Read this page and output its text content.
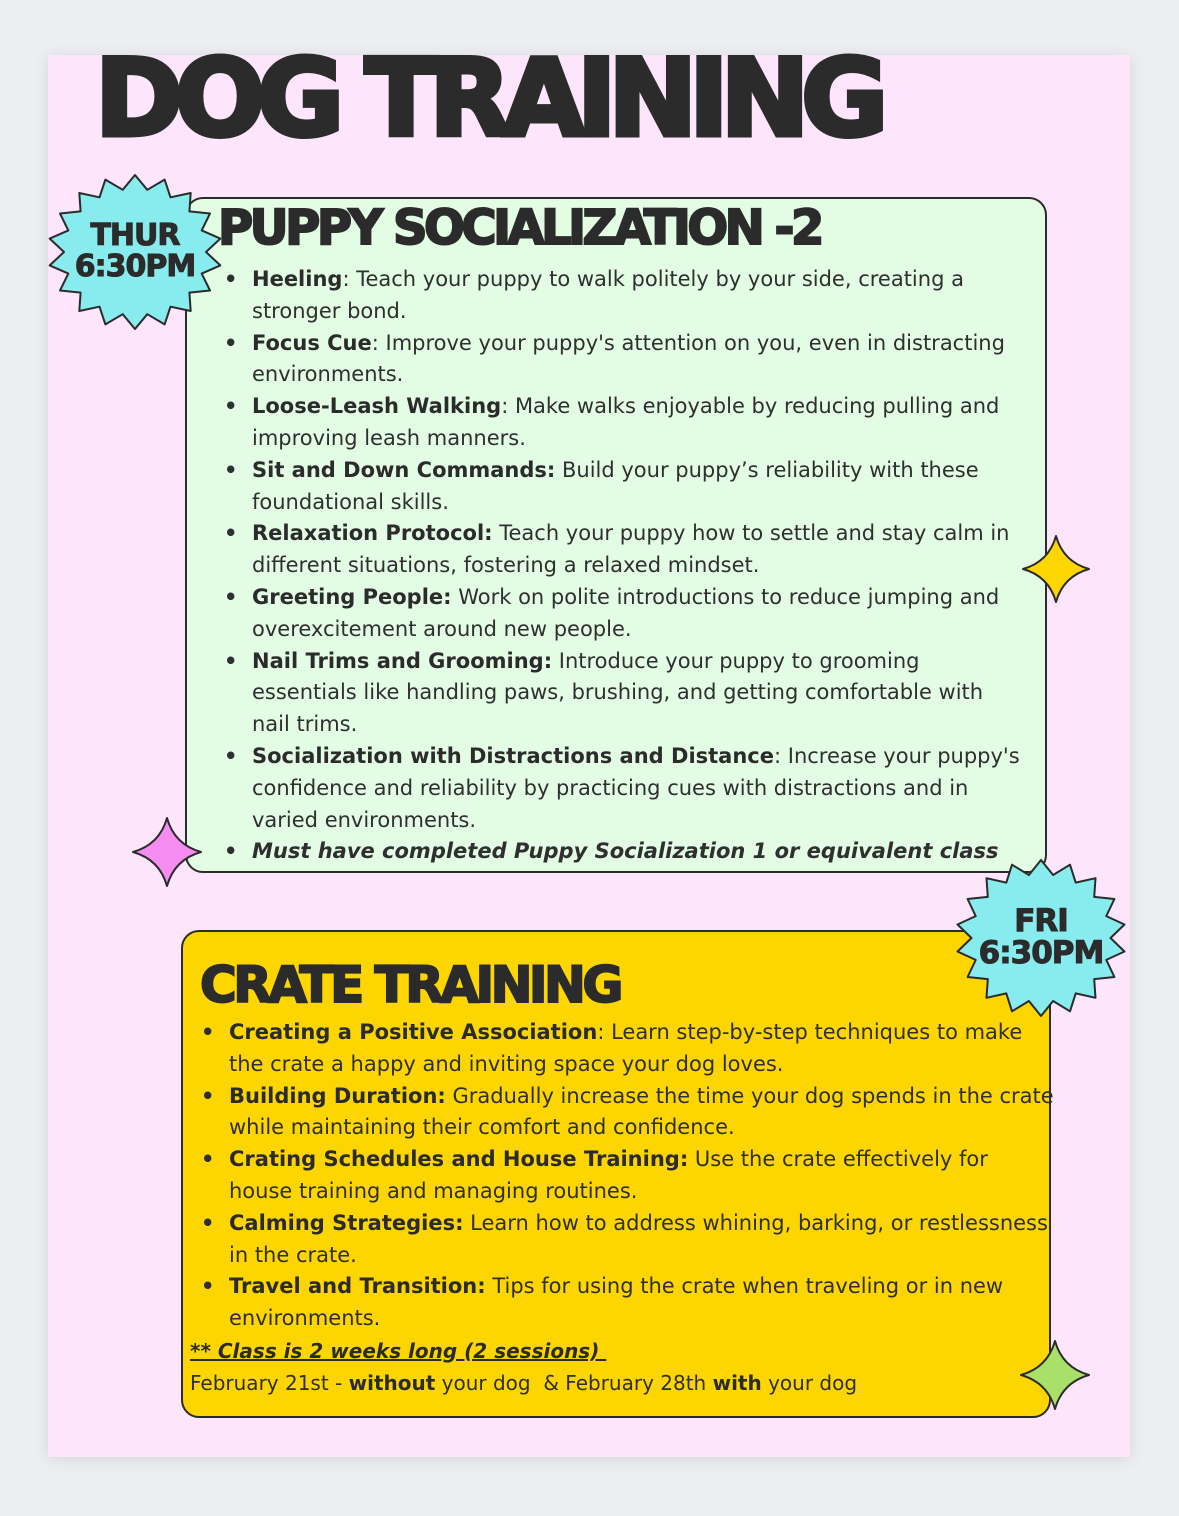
DOG TRAINING
PUPPY SOCIALIZATION -2
• Heeling: Teach your puppy to walk politely by your side, creating a stronger bond.
• Focus Cue: Improve your puppy's attention on you, even in distracting environments.
• Loose-Leash Walking: Make walks enjoyable by reducing pulling and improving leash manners.
• Sit and Down Commands: Build your puppy’s reliability with these foundational skills.
• Relaxation Protocol: Teach your puppy how to settle and stay calm in different situations, fostering a relaxed mindset.
• Greeting People: Work on polite introductions to reduce jumping and overexcitement around new people.
• Nail Trims and Grooming: Introduce your puppy to grooming essentials like handling paws, brushing, and getting comfortable with nail trims.
• Socialization with Distractions and Distance: Increase your puppy's confidence and reliability by practicing cues with distractions and in varied environments.
• Must have completed Puppy Socialization 1 or equivalent class
CRATE TRAINING
• Creating a Positive Association: Learn step-by-step techniques to make the crate a happy and inviting space your dog loves.
• Building Duration: Gradually increase the time your dog spends in the crate while maintaining their comfort and confidence.
• Crating Schedules and House Training: Use the crate effectively for house training and managing routines.
• Calming Strategies: Learn how to address whining, barking, or restlessness in the crate.
• Travel and Transition: Tips for using the crate when traveling or in new environments.
** Class is 2 weeks long (2 sessions)
February 21st - without your dog  & February 28th with your dog
THUR
6:30PM
FRI
6:30PM
